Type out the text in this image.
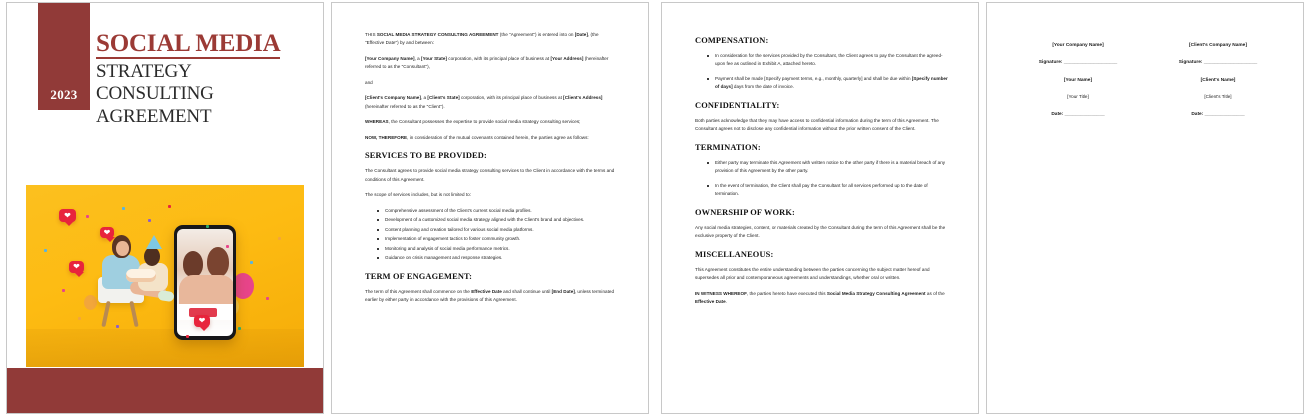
2023
SOCIAL MEDIA
STRATEGY CONSULTING
AGREEMENT
❤
❤
❤
❤

THIS SOCIAL MEDIA STRATEGY CONSULTING AGREEMENT (the "Agreement") is entered into on [Date], (the "Effective Date") by and between:

[Your Company Name], a [Your State] corporation, with its principal place of business at [Your Address] (hereinafter referred to as the "Consultant"),

and

[Client's Company Name], a [Client's State] corporation, with its principal place of business at [Client's Address] (hereinafter referred to as the "Client").

WHEREAS, the Consultant possesses the expertise to provide social media strategy consulting services;

NOW, THEREFORE, in consideration of the mutual covenants contained herein, the parties agree as follows:

SERVICES TO BE PROVIDED:

The Consultant agrees to provide social media strategy consulting services to the Client in accordance with the terms and conditions of this Agreement.

The scope of services includes, but is not limited to:

Comprehensive assessment of the Client's current social media profiles.
Development of a customized social media strategy aligned with the Client's brand and objectives.
Content planning and creation tailored for various social media platforms.
Implementation of engagement tactics to foster community growth.
Monitoring and analysis of social media performance metrics.
Guidance on crisis management and response strategies.
TERM OF ENGAGEMENT:

The term of this Agreement shall commence on the Effective Date and shall continue until [End Date], unless terminated earlier by either party in accordance with the provisions of this Agreement.

COMPENSATION:
In consideration for the services provided by the Consultant, the Client agrees to pay the Consultant the agreed-upon fee as outlined in Exhibit A, attached hereto.
Payment shall be made [Specify payment terms, e.g., monthly, quarterly] and shall be due within [Specify number of days] days from the date of invoice.
CONFIDENTIALITY:

Both parties acknowledge that they may have access to confidential information during the term of this Agreement. The Consultant agrees not to disclose any confidential information without the prior written consent of the Client.

TERMINATION:
Either party may terminate this Agreement with written notice to the other party if there is a material breach of any provision of this Agreement by the other party.
In the event of termination, the Client shall pay the Consultant for all services performed up to the date of termination.
OWNERSHIP OF WORK:

Any social media strategies, content, or materials created by the Consultant during the term of this Agreement shall be the exclusive property of the Client.

MISCELLANEOUS:

This Agreement constitutes the entire understanding between the parties concerning the subject matter hereof and supersedes all prior and contemporaneous agreements and understandings, whether oral or written.

IN WITNESS WHEREOF, the parties hereto have executed this Social Media Strategy Consulting Agreement as of the Effective Date.

[Your Company Name]
Signature: ____________________
[Your Name]
[Your Title]
Date: _______________
[Client's Company Name]
Signature: ____________________
[Client's Name]
[Client's Title]
Date: _______________
